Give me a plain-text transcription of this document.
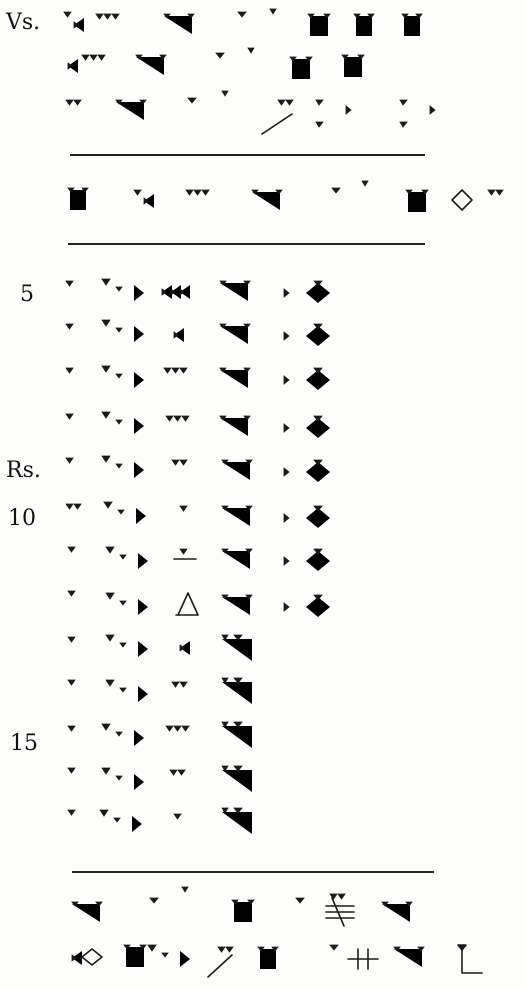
Vs.
5
Rs.
10
15
